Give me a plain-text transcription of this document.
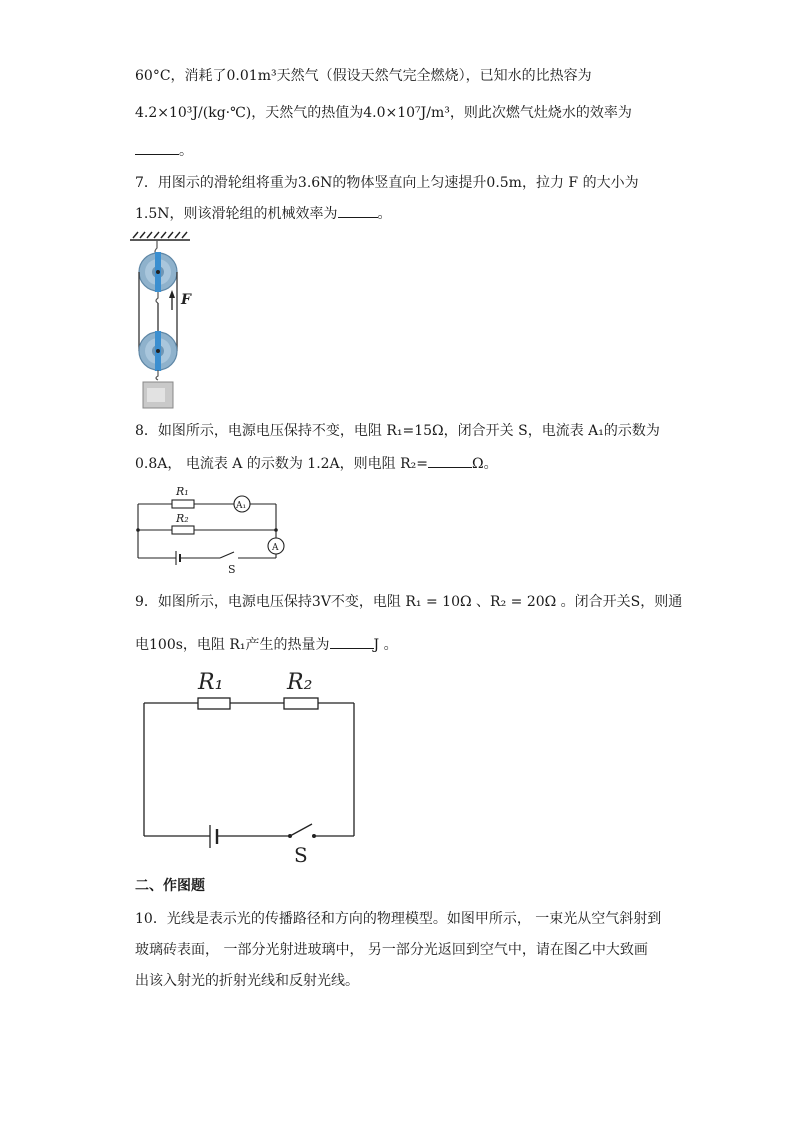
60°C，消耗了0.01m³天然气（假设天然气完全燃烧），已知水的比热容为
4.2×10³J/(kg·℃)，天然气的热值为4.0×10⁷J/m³，则此次燃气灶烧水的效率为
。
7．用图示的滑轮组将重为3.6N的物体竖直向上匀速提升0.5m，拉力 F 的大小为
1.5N，则该滑轮组的机械效率为	。
F
8．如图所示，电源电压保持不变，电阻 R₁=15Ω，闭合开关 S，电流表 A₁的示数为
0.8A， 电流表 A 的示数为 1.2A，则电阻 R₂=	Ω。
R₁
R₂
A₁
A
S
9．如图所示，电源电压保持3V不变，电阻 R₁ = 10Ω 、R₂ = 20Ω 。闭合开关S，则通
电100s，电阻 R₁产生的热量为	J 。
R₁	R₂
S
二、作图题
10．光线是表示光的传播路径和方向的物理模型。如图甲所示， 一束光从空气斜射到
玻璃砖表面， 一部分光射进玻璃中， 另一部分光返回到空气中，请在图乙中大致画
出该入射光的折射光线和反射光线。
